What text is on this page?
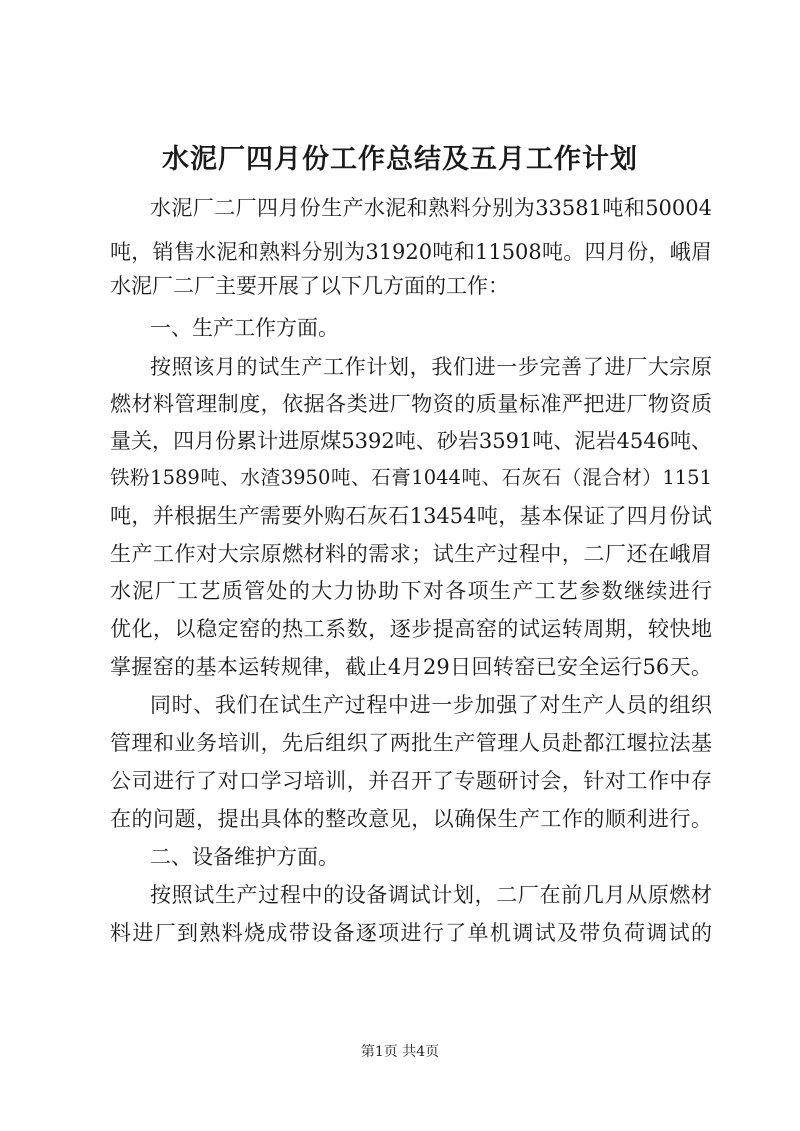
水泥厂四月份工作总结及五月工作计划
水泥厂二厂四月份生产水泥和熟料分别为33581吨和50004
吨，销售水泥和熟料分别为31920吨和11508吨。四月份，峨眉
水泥厂二厂主要开展了以下几方面的工作：
一、生产工作方面。
按照该月的试生产工作计划，我们进一步完善了进厂大宗原
燃材料管理制度，依据各类进厂物资的质量标准严把进厂物资质
量关，四月份累计进原煤5392吨、砂岩3591吨、泥岩4546吨、
铁粉1589吨、水渣3950吨、石膏1044吨、石灰石（混合材）1151
吨，并根据生产需要外购石灰石13454吨，基本保证了四月份试
生产工作对大宗原燃材料的需求；试生产过程中，二厂还在峨眉
水泥厂工艺质管处的大力协助下对各项生产工艺参数继续进行
优化，以稳定窑的热工系数，逐步提高窑的试运转周期，较快地
掌握窑的基本运转规律，截止4月29日回转窑已安全运行56天。
同时、我们在试生产过程中进一步加强了对生产人员的组织
管理和业务培训，先后组织了两批生产管理人员赴都江堰拉法基
公司进行了对口学习培训，并召开了专题研讨会，针对工作中存
在的问题，提出具体的整改意见，以确保生产工作的顺利进行。
二、设备维护方面。
按照试生产过程中的设备调试计划，二厂在前几月从原燃材
料进厂到熟料烧成带设备逐项进行了单机调试及带负荷调试的
第1页 共4页
